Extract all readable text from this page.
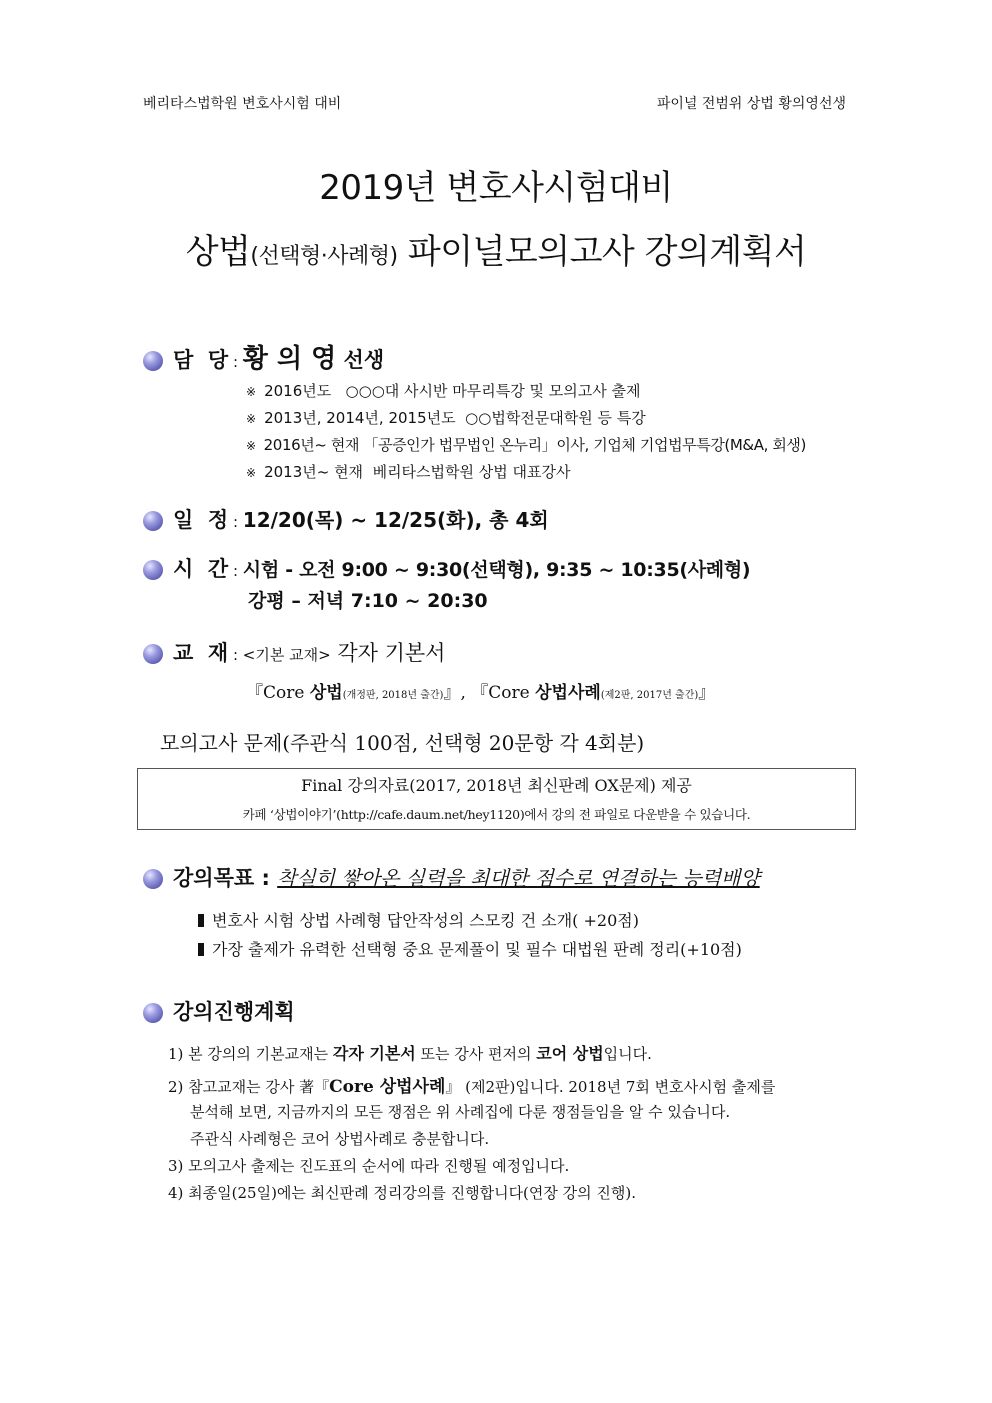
베리타스법학원 변호사시험 대비	파이널 전범위 상법 황의영선생
2019년 변호사시험대비
상법(선택형·사례형) 파이널모의고사 강의계획서
담  당 : 황 의 영 선생
※ 2016년도   ○○○대 사시반 마무리특강 및 모의고사 출제
※ 2013년, 2014년, 2015년도  ○○법학전문대학원 등 특강
※ 2016년~ 현재 「공증인가 법무법인 온누리」이사, 기업체 기업법무특강(M&A, 회생)
※ 2013년~ 현재  베리타스법학원 상법 대표강사
일  정 : 12/20(목) ~ 12/25(화), 총 4회
시  간 : 시험 - 오전 9:00 ~ 9:30(선택형), 9:35 ~ 10:35(사례형)
강평 – 저녁 7:10 ~ 20:30
교  재 : <기본 교재> 각자 기본서
『Core 상법(개정판, 2018년 출간)』, 『Core 상법사례(제2판, 2017년 출간)』
모의고사 문제(주관식 100점, 선택형 20문항 각 4회분)
Final 강의자료(2017, 2018년 최신판례 OX문제) 제공
카페 ‘상법이야기’(http://cafe.daum.net/hey1120)에서 강의 전 파일로 다운받을 수 있습니다.
강의목표 : 착실히 쌓아온 실력을 최대한 점수로 연결하는 능력배양
변호사 시험 상법 사례형 답안작성의 스모킹 건 소개( +20점)
가장 출제가 유력한 선택형 중요 문제풀이 및 필수 대법원 판례 정리(+10점)
강의진행계획
1) 본 강의의 기본교재는 각자 기본서 또는 강사 편저의 코어 상법입니다.
2) 참고교재는 강사 著『Core 상법사례』 (제2판)입니다. 2018년 7회 변호사시험 출제를
분석해 보면, 지금까지의 모든 쟁점은 위 사례집에 다룬 쟁점들임을 알 수 있습니다.
주관식 사례형은 코어 상법사례로 충분합니다.
3) 모의고사 출제는 진도표의 순서에 따라 진행될 예정입니다.
4) 최종일(25일)에는 최신판례 정리강의를 진행합니다(연장 강의 진행).
